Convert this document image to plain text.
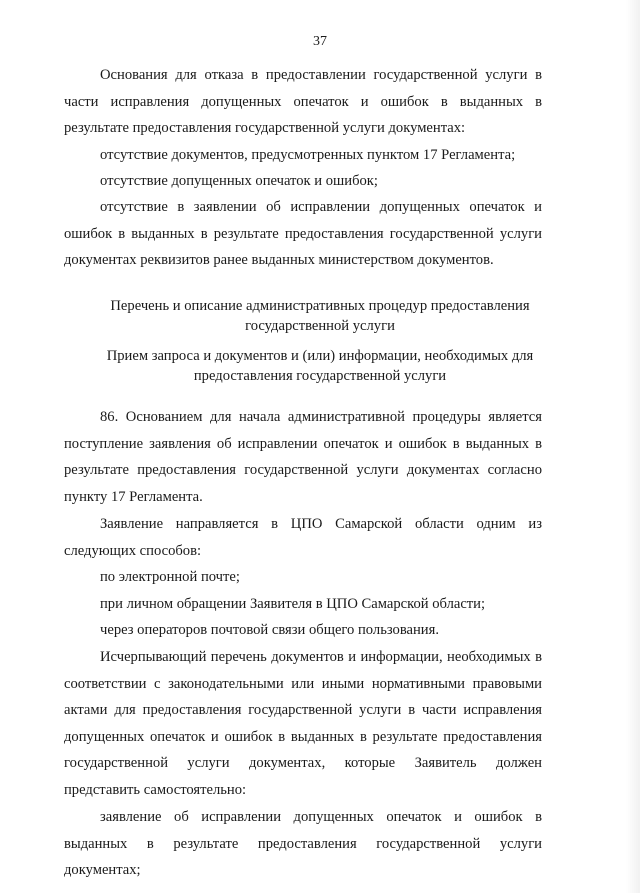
37

Основания для отказа в предоставлении государственной услуги в части исправления допущенных опечаток и ошибок в выданных в результате предоставления государственной услуги документах:

отсутствие документов, предусмотренных пунктом 17 Регламента;

отсутствие допущенных опечаток и ошибок;

отсутствие в заявлении об исправлении допущенных опечаток и ошибок в выданных в результате предоставления государственной услуги документах реквизитов ранее выданных министерством документов.

Перечень и описание административных процедур предоставления государственной услуги

Прием запроса и документов и (или) информации, необходимых для предоставления государственной услуги

86. Основанием для начала административной процедуры является поступление заявления об исправлении опечаток и ошибок в выданных в результате предоставления государственной услуги документах согласно пункту 17 Регламента.

Заявление направляется в ЦПО Самарской области одним из следующих способов:

по электронной почте;

при личном обращении Заявителя в ЦПО Самарской области;

через операторов почтовой связи общего пользования.

Исчерпывающий перечень документов и информации, необходимых в соответствии с законодательными или иными нормативными правовыми актами для предоставления государственной услуги в части исправления допущенных опечаток и ошибок в выданных в результате предоставления государственной услуги документах, которые Заявитель должен представить самостоятельно:

заявление об исправлении допущенных опечаток и ошибок в выданных в результате предоставления государственной услуги документах;
